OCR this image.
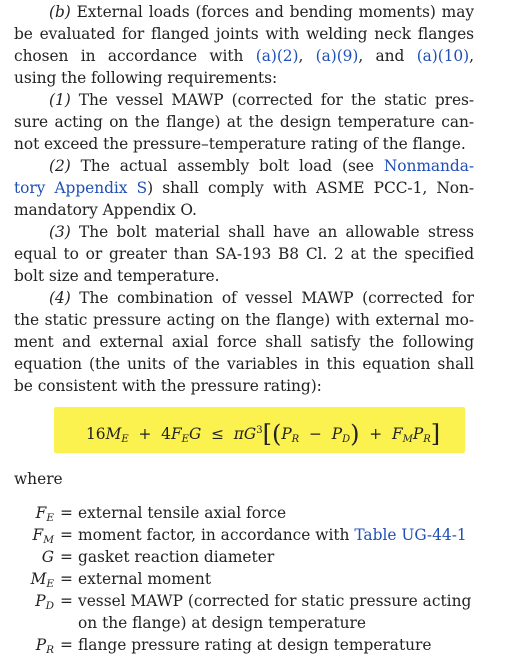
(b) External loads (forces and bending moments) may
be evaluated for flanged joints with welding neck flanges
chosen in accordance with (a)(2), (a)(9), and (a)(10),
using the following requirements:
(1) The vessel MAWP (corrected for the static pres-
sure acting on the flange) at the design temperature can-
not exceed the pressure–temperature rating of the flange.
(2) The actual assembly bolt load (see Nonmanda-
tory Appendix S) shall comply with ASME PCC-1, Non-
mandatory Appendix O.
(3) The bolt material shall have an allowable stress
equal to or greater than SA-193 B8 Cl. 2 at the specified
bolt size and temperature.
(4) The combination of vessel MAWP (corrected for
the static pressure acting on the flange) with external mo-
ment and external axial force shall satisfy the following
equation (the units of the variables in this equation shall
be consistent with the pressure rating):
$16M_E + 4F_EG \le \pi G^3[(P_R - P_D) + F_MP_R]$
where
$F_E$ = external tensile axial force
$F_M$ = moment factor, in accordance with Table UG-44-1
G = gasket reaction diameter
$M_E$ = external moment
$P_D$ = vessel MAWP (corrected for static pressure acting
on the flange) at design temperature
$P_R$ = flange pressure rating at design temperature
